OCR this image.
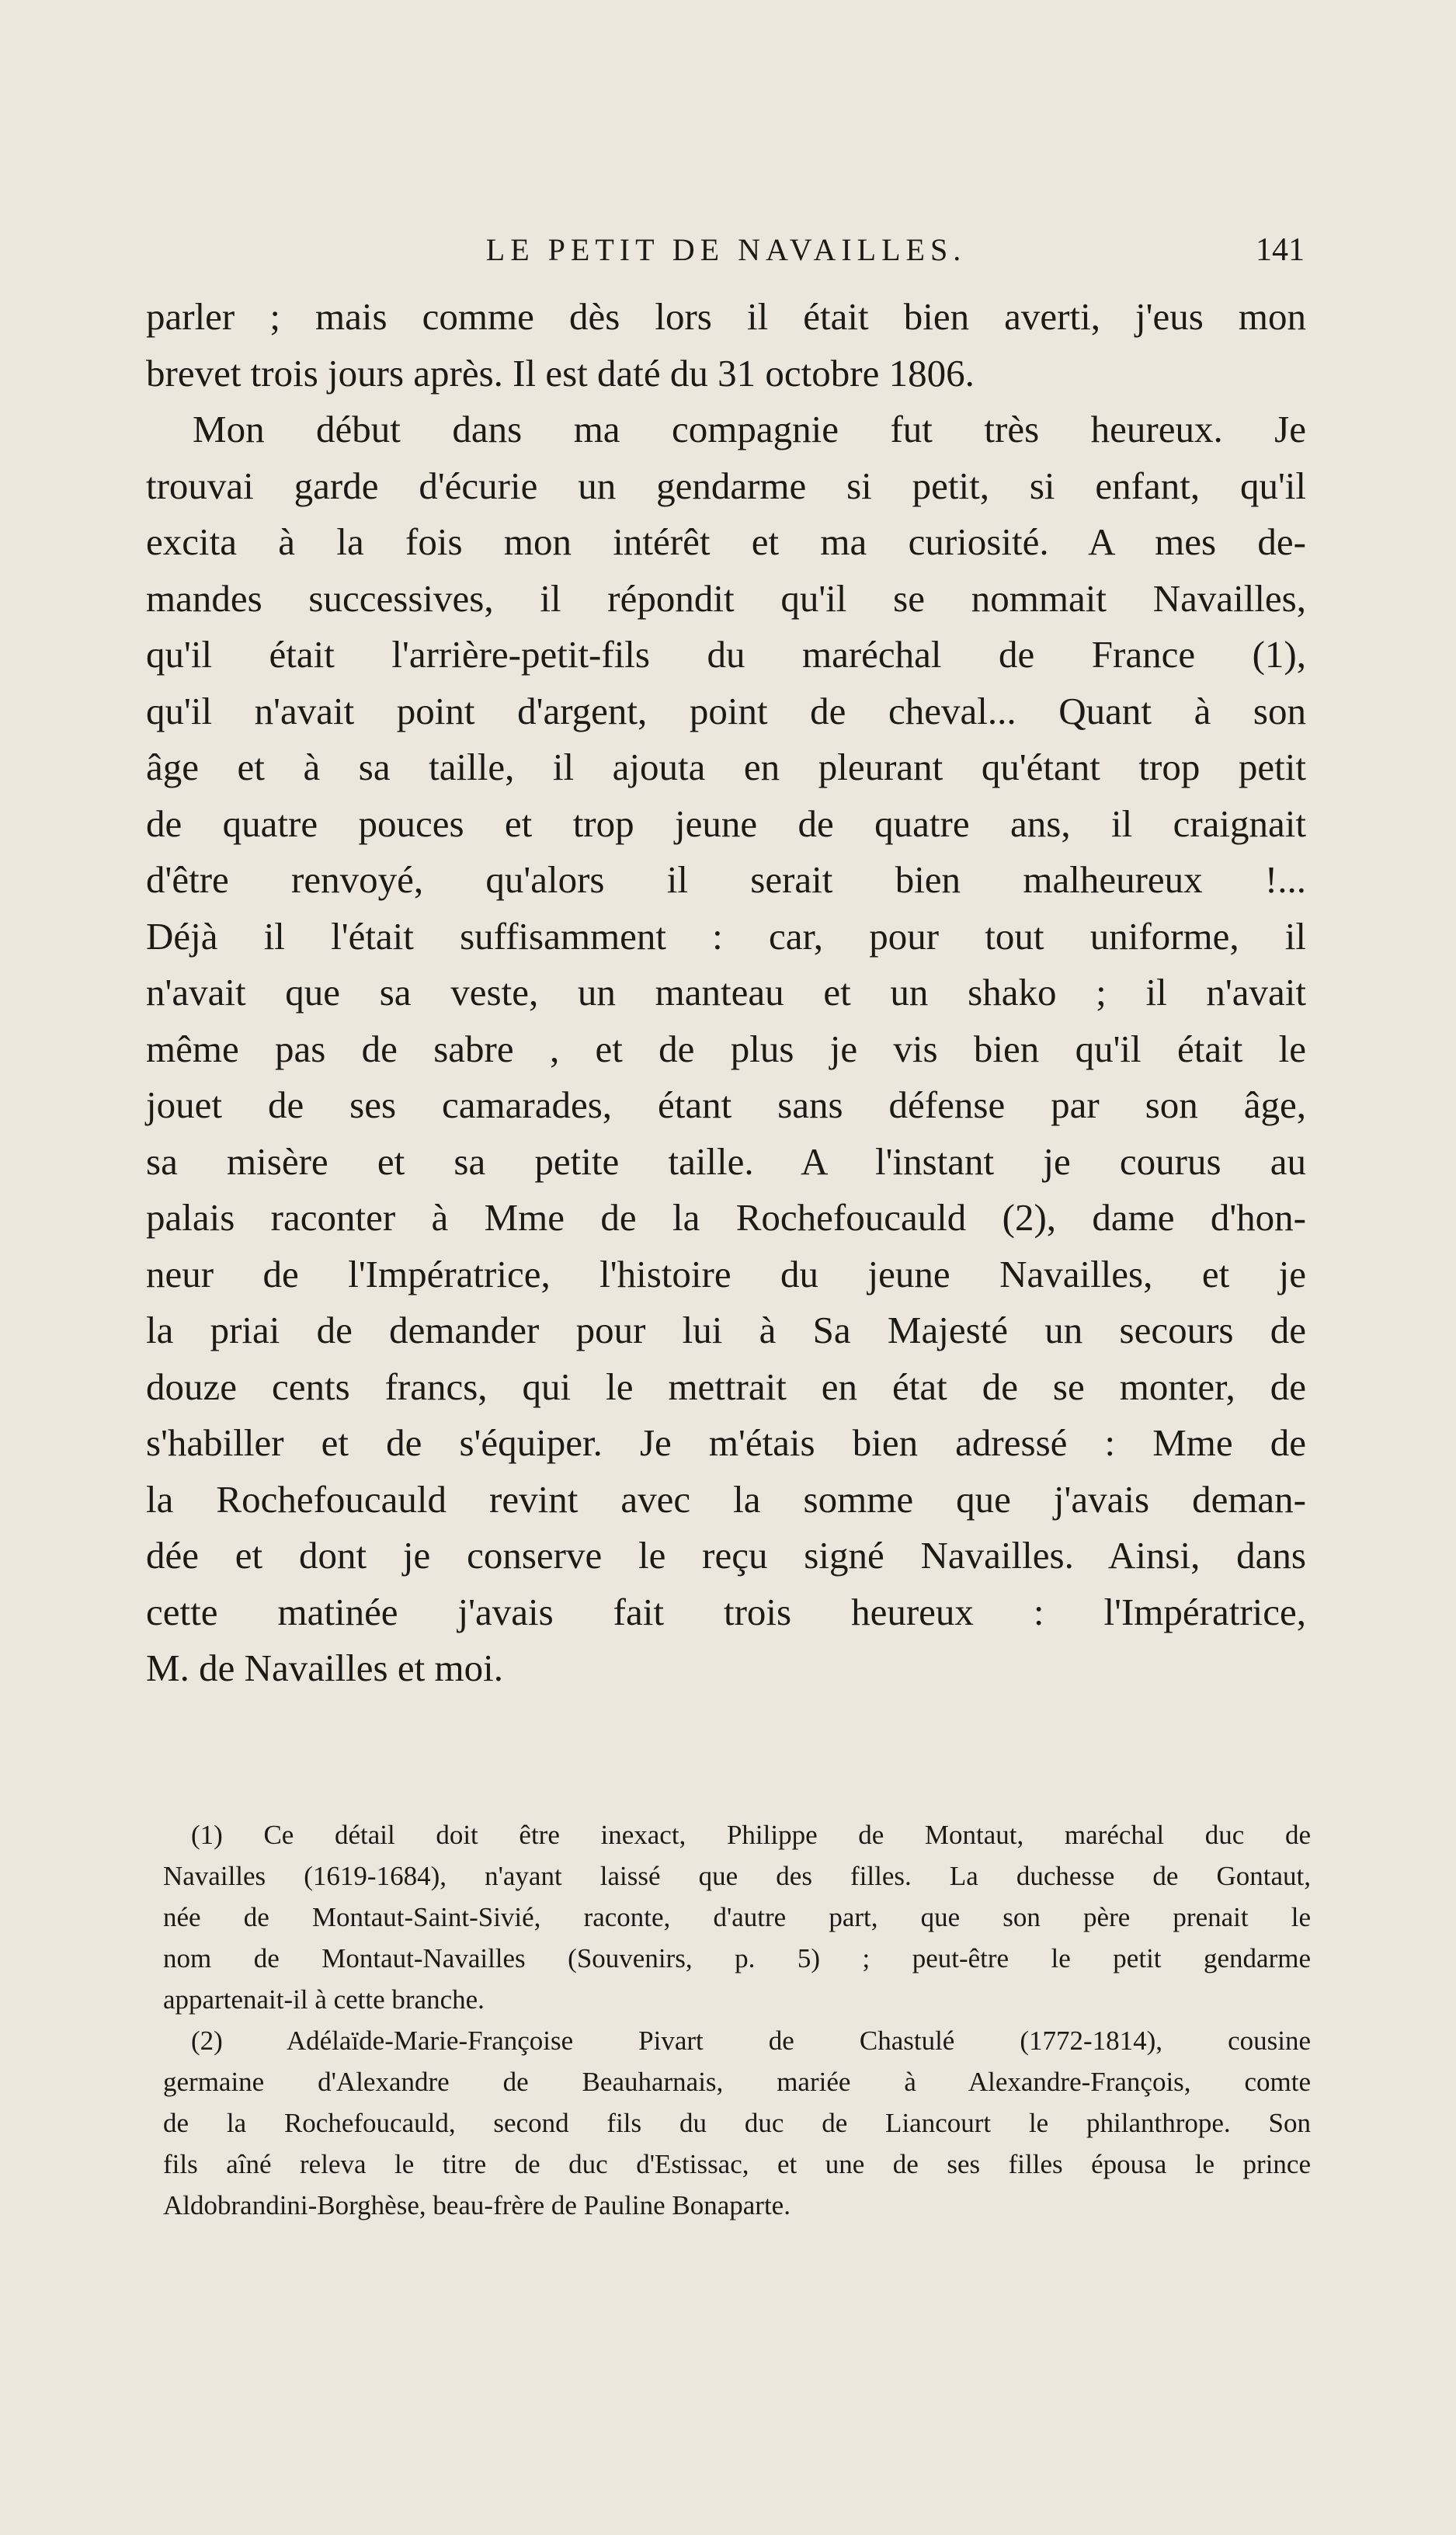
LE PETIT DE NAVAILLES.	141
parler ; mais comme dès lors il était bien averti, j'eus mon
brevet trois jours après. Il est daté du 31 octobre 1806.
Mon début dans ma compagnie fut très heureux. Je
trouvai garde d'écurie un gendarme si petit, si enfant, qu'il
excita à la fois mon intérêt et ma curiosité. A mes de-
mandes successives, il répondit qu'il se nommait Navailles,
qu'il était l'arrière-petit-fils du maréchal de France (1),
qu'il n'avait point d'argent, point de cheval... Quant à son
âge et à sa taille, il ajouta en pleurant qu'étant trop petit
de quatre pouces et trop jeune de quatre ans, il craignait
d'être renvoyé, qu'alors il serait bien malheureux !...
Déjà il l'était suffisamment : car, pour tout uniforme, il
n'avait que sa veste, un manteau et un shako ; il n'avait
même pas de sabre , et de plus je vis bien qu'il était le
jouet de ses camarades, étant sans défense par son âge,
sa misère et sa petite taille. A l'instant je courus au
palais raconter à Mme de la Rochefoucauld (2), dame d'hon-
neur de l'Impératrice, l'histoire du jeune Navailles, et je
la priai de demander pour lui à Sa Majesté un secours de
douze cents francs, qui le mettrait en état de se monter, de
s'habiller et de s'équiper. Je m'étais bien adressé : Mme de
la Rochefoucauld revint avec la somme que j'avais deman-
dée et dont je conserve le reçu signé Navailles. Ainsi, dans
cette matinée j'avais fait trois heureux : l'Impératrice,
M. de Navailles et moi.
(1) Ce détail doit être inexact, Philippe de Montaut, maréchal duc de
Navailles (1619-1684), n'ayant laissé que des filles. La duchesse de Gontaut,
née de Montaut-Saint-Sivié, raconte, d'autre part, que son père prenait le
nom de Montaut-Navailles (Souvenirs, p. 5) ; peut-être le petit gendarme
appartenait-il à cette branche.
(2) Adélaïde-Marie-Françoise Pivart de Chastulé (1772-1814), cousine
germaine d'Alexandre de Beauharnais, mariée à Alexandre-François, comte
de la Rochefoucauld, second fils du duc de Liancourt le philanthrope. Son
fils aîné releva le titre de duc d'Estissac, et une de ses filles épousa le prince
Aldobrandini-Borghèse, beau-frère de Pauline Bonaparte.
